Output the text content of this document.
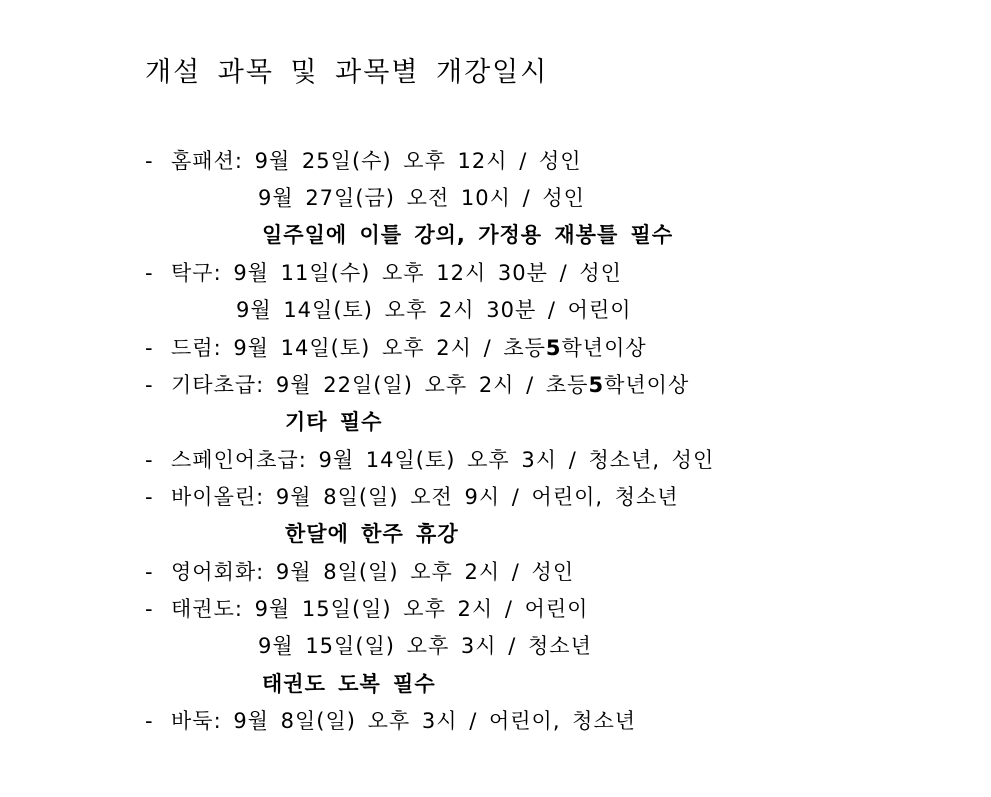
개설 과목 및 과목별 개강일시
- 홈패션: 9월 25일(수) 오후 12시 / 성인
9월 27일(금) 오전 10시 / 성인
일주일에 이틀 강의, 가정용 재봉틀 필수
- 탁구: 9월 11일(수) 오후 12시 30분 / 성인
9월 14일(토) 오후 2시 30분 / 어린이
- 드럼: 9월 14일(토) 오후 2시 / 초등5학년이상
- 기타초급: 9월 22일(일) 오후 2시 / 초등5학년이상
기타 필수
- 스페인어초급: 9월 14일(토) 오후 3시 / 청소년, 성인
- 바이올린: 9월 8일(일) 오전 9시 / 어린이, 청소년
한달에 한주 휴강
- 영어회화: 9월 8일(일) 오후 2시 / 성인
- 태권도: 9월 15일(일) 오후 2시 / 어린이
9월 15일(일) 오후 3시 / 청소년
태권도 도복 필수
- 바둑: 9월 8일(일) 오후 3시 / 어린이, 청소년
